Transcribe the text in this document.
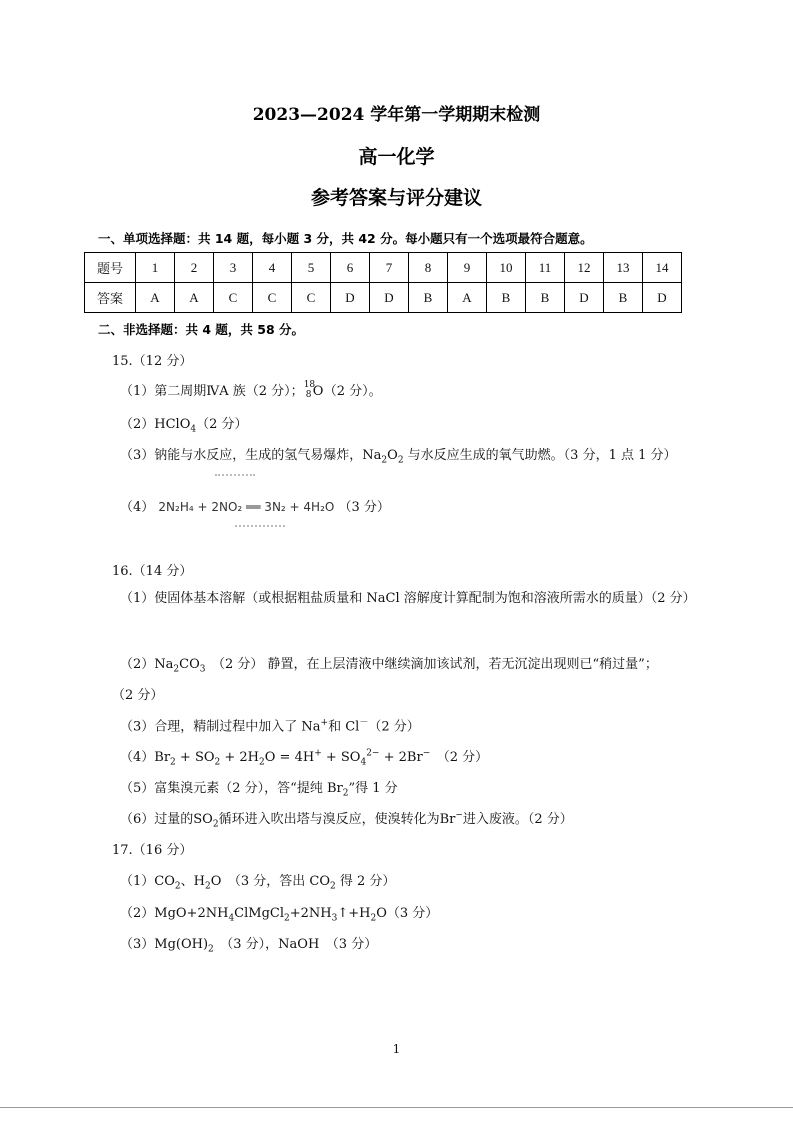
2023—2024 学年第一学期期末检测
高一化学
参考答案与评分建议
一、单项选择题：共 14 题，每小题 3 分，共 42 分。每小题只有一个选项最符合题意。
题号	1	2	3	4	5	6	7	8	9	10	11	12	13	14
答案	A	A	C	C	C	D	D	B	A	B	B	D	B	D
二、非选择题：共 4 题，共 58 分。
15.（12 分）
（1）第二周期ⅣA 族（2 分）； 18
8 O（2 分）。
（2）HClO$_4$（2 分）
（3）钠能与水反应，生成的氢气易爆炸，$Na_2O_2$ 与水反应生成的氧气助燃。（3 分，1 点 1 分）
（4） 2N₂H₄ + 2NO₂ ══ 3N₂ + 4H₂O （3 分）
16.（14 分）
（1）使固体基本溶解（或根据粗盐质量和 NaCl 溶解度计算配制为饱和溶液所需水的质量）（2 分）
$(2)Na_2CO_3$　（2 分） 静置，在上层清液中继续滴加该试剂，若无沉淀出现则已“稍过量”；
（2 分）
（3）合理，精制过程中加入了 Na+和 Cl－（2 分）
$(4)Br_2 + SO_2 + 2H_2O = 4H^+ + SO_4^{2-} + 2Br^-$　（2 分）
（5）富集溴元素（2 分），答“提纯 $Br_2$”得 1 分
（6）过量的$SO_2$循环进入吹出塔与溴反应，使溴转化为Br−进入废液。（2 分）
17.（16 分）
$(1)CO_2$、$H_2O$　（3 分，答出 $CO_2$ 得 2 分）
$(2)MgO+2NH_4ClMgCl_2+2NH_3↑+H_2O(3$ 分）
$(3)Mg(OH)_2$　（3 分），NaOH　（3 分）
1
